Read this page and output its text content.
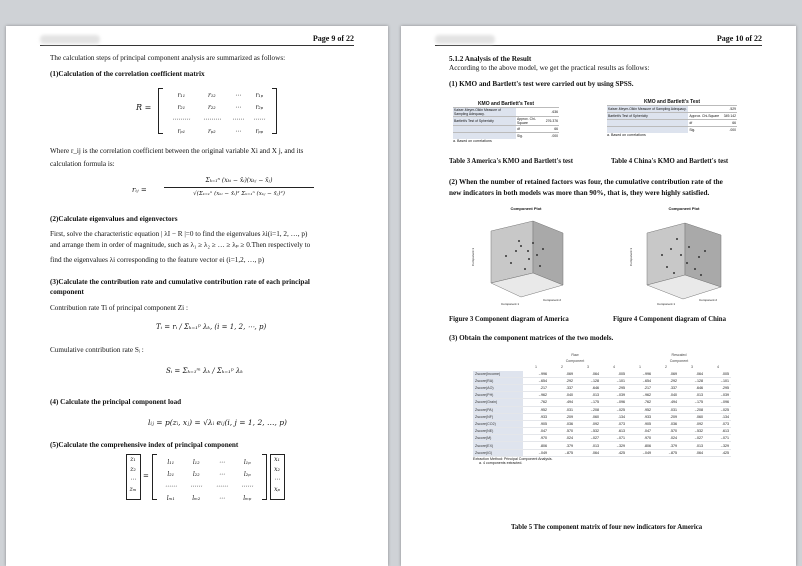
Page 9 of 22
The calculation steps of principal component analysis are summarized as follows:
(1)Calculation of the correlation coefficient matrix
R =
r₁₁	r₁₂	⋯	r₁ₚ
r₂₁	r₂₂	⋯	r₂ₚ
⋯⋯⋯	⋯⋯⋯	⋯⋯	⋯⋯
rₚ₁	rₚ₂	⋯	rₚₚ
Where r_ij is the correlation coefficient between the original variable Xi and X j, and its
calculation formula is:
rᵢⱼ =
Σₖ₌₁ⁿ (xₖᵢ − x̄ᵢ)(xₖⱼ − x̄ⱼ)
√(Σₖ₌₁ⁿ (xₖᵢ − x̄ᵢ)² Σₖ₌₁ⁿ (xₖⱼ − x̄ⱼ)²)
(2)Calculate eigenvalues and eigenvectors
First, solve the characteristic equation | λI − R |=0 to find the eigenvalues λi(i=1, 2, …, p)
and arrange them in order of magnitude, such as λ₁ ≥ λ₂ ≥ … ≥ λₚ ≥ 0.Then respectively to
find the eigenvalues λi corresponding to the feature vector ei (i=1,2, …, p)
(3)Calculate the contribution rate and cumulative contribution rate of each principal
component
Contribution rate Ti of principal component Zi :
Tᵢ = rᵢ / Σₖ₌₁ᵖ λₖ, (i = 1, 2, ⋯, p)
Cumulative contribution rate Sᵢ :
Sᵢ = Σₖ₌₁ᵐ λₖ / Σₖ₌₁ᵖ λₖ
(4) Calculate the principal component load
lᵢⱼ = p(zᵢ, xⱼ) = √λᵢ eᵢⱼ(i, j = 1, 2, …, p)
(5)Calculate the comprehensive index of principal component
z₁
z₂
⋯
zₘ
=
l₁₁	l₁₂	⋯	l₁ₚ
l₂₁	l₂₂	⋯	l₂ₚ
⋯⋯	⋯⋯	⋯⋯	⋯⋯
lₘ₁	lₘ₂	⋯	lₘₚ
x₁
x₂
⋯
xₚ
Page 10 of 22
5.1.2 Analysis of the Result
According to the above model, we get the practical results as follows:
(1) KMO and Bartlett's test were carried out by using SPSS.
KMO and Bartlett's Test
Kaiser-Meyer-Olkin Measure of Sampling Adequacy.			.636
Bartlett's Test of Sphericity	Approx. Chi-Square		276.376
	df		66
	Sig.		.000
a. Based on correlations
KMO and Bartlett's Test
Kaiser-Meyer-Olkin Measure of Sampling Adequacy.			.529
Bartlett's Test of Sphericity	Approx. Chi-Square		349.142
	df		66
	Sig.		.000
a. Based on correlations
Table 3 America's KMO and Bartlett's test	Table 4 China's KMO and Bartlett's test
(2) When the number of retained factors was four, the cumulative contribution rate of the
new indicators in both models was more than 90%, that is, they were highly satisfied.
Component Plot
Component 3
Component 1
Component 2
Component Plot
Component 3
Component 1
Component 2
Figure 3 Component diagram of America	Figure 4 Component diagram of China
(3) Obtain the component matrices of the two models.
	Raw				Rescaled			
	Component				Component			
	1	2	3	4	1	2	3	4
Zscore(Income)	-.996	.069	.064	.005	-.996	.069	.064	.005
Zscore(RA)	-.654	.292	-.128	-.101	-.654	.292	-.128	-.101
Zscore(AO)	.217	.337	.646	.295	.217	.337	.646	.295
Zscore(PH)	-.962	.040	.013	-.039	-.962	.040	.013	-.039
Zscore(Grain)	.762	.494	-.175	-.096	.762	.494	-.175	-.096
Zscore(PA)	.952	.031	-.208	-.025	.952	.031	-.208	-.025
Zscore(NF)	.933	.209	.060	.134	.933	.209	.060	.134
Zscore(CO2)	.905	.036	.092	.073	.905	.036	.092	.073
Zscore(NE)	.047	.570	-.532	.613	.047	.570	-.532	.613
Zscore(M)	.970	.024	-.027	-.071	.970	.024	-.027	-.071
Zscore(EX)	.806	.379	.013	-.329	.806	.379	.013	-.329
Zscore(IG)	-.049	-.875	.064	.425	-.049	-.875	.064	.425
Extraction Method: Principal Component Analysis.
a. 4 components extracted.
Table 5 The component matrix of four new indicators for America
